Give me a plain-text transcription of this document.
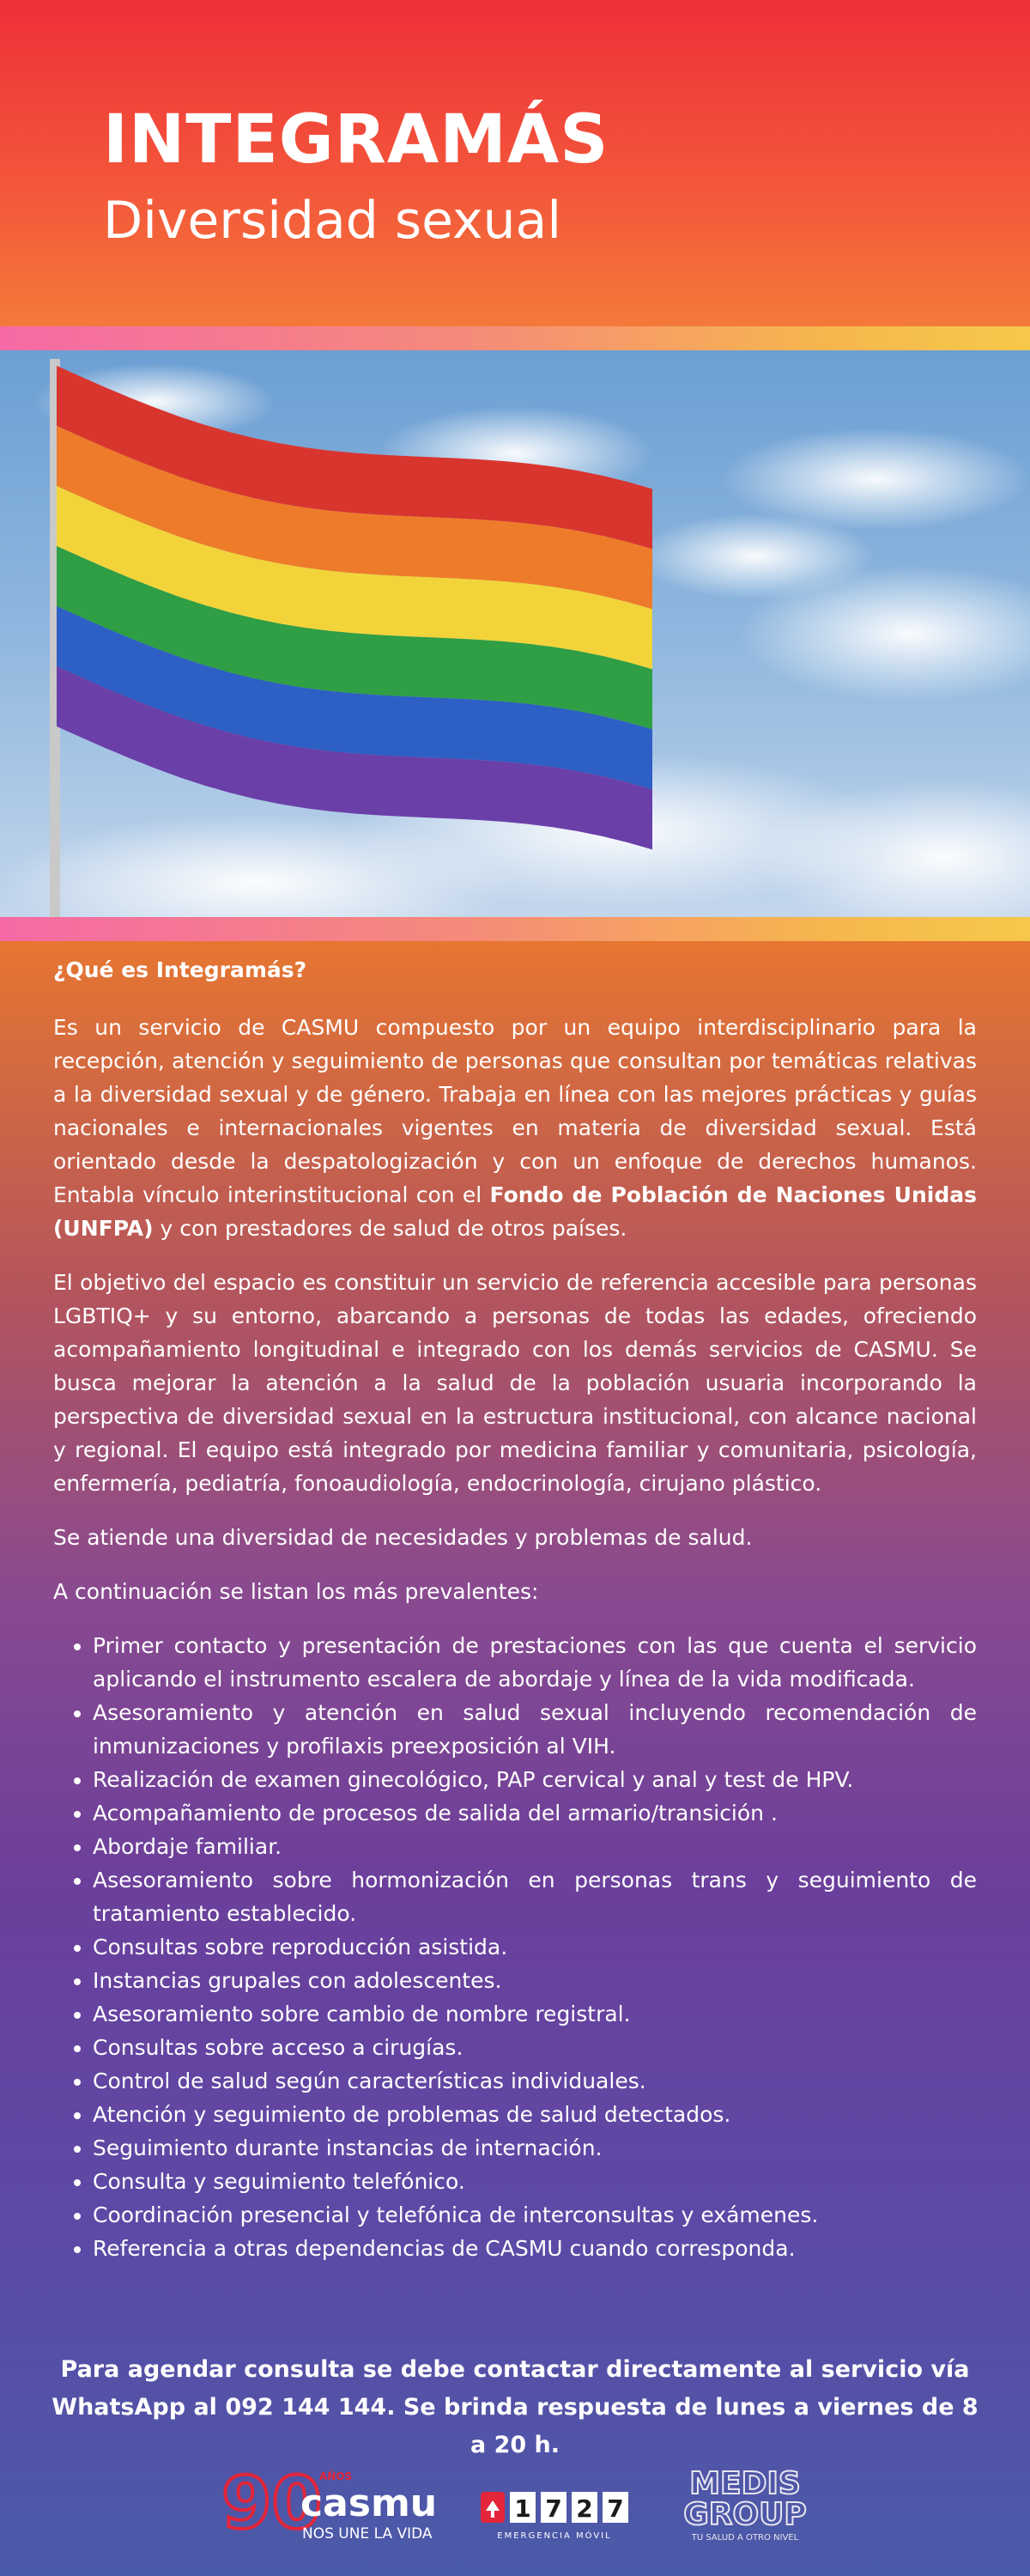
INTEGRAMÁS
Diversidad sexual

¿Qué es Integramás?

Es un servicio de CASMU compuesto por un equipo interdisciplinario para la recepción, atención y seguimiento de personas que consultan por temáticas relativas a la diversidad sexual y de género. Trabaja en línea con las mejores prácticas y guías nacionales e internacionales vigentes en materia de diversidad sexual. Está orientado desde la despatologización y con un enfoque de derechos humanos. Entabla vínculo interinstitucional con el Fondo de Población de Naciones Unidas (UNFPA) y con prestadores de salud de otros países.

El objetivo del espacio es constituir un servicio de referencia accesible para personas LGBTIQ+ y su entorno, abarcando a personas de todas las edades, ofreciendo acompañamiento longitudinal e integrado con los demás servicios de CASMU. Se busca mejorar la atención a la salud de la población usuaria incorporando la perspectiva de diversidad sexual en la estructura institucional, con alcance nacional y regional. El equipo está integrado por medicina familiar y comunitaria, psicología, enfermería, pediatría, fonoaudiología, endocrinología, cirujano plástico.

Se atiende una diversidad de necesidades y problemas de salud.

A continuación se listan los más prevalentes:

• Primer contacto y presentación de prestaciones con las que cuenta el servicio aplicando el instrumento escalera de abordaje y línea de la vida modificada.
• Asesoramiento y atención en salud sexual incluyendo recomendación de inmunizaciones y profilaxis preexposición al VIH.
• Realización de examen ginecológico, PAP cervical y anal y test de HPV.
• Acompañamiento de procesos de salida del armario/transición .
• Abordaje familiar.
• Asesoramiento sobre hormonización en personas trans y seguimiento de tratamiento establecido.
• Consultas sobre reproducción asistida.
• Instancias grupales con adolescentes.
• Asesoramiento sobre cambio de nombre registral.
• Consultas sobre acceso a cirugías.
• Control de salud según características individuales.
• Atención y seguimiento de problemas de salud detectados.
• Seguimiento durante instancias de internación.
• Consulta y seguimiento telefónico.
• Coordinación presencial y telefónica de interconsultas y exámenes.
• Referencia a otras dependencias de CASMU cuando corresponda.
Para agendar consulta se debe contactar directamente al servicio vía WhatsApp al 092 144 144. Se brinda respuesta de lunes a viernes de 8 a 20 h.
90
AÑOS
casmu
NOS UNE LA VIDA
1 7 2 7
EMERGENCIA MÓVIL
MEDIS
GROUP
TU SALUD A OTRO NIVEL
